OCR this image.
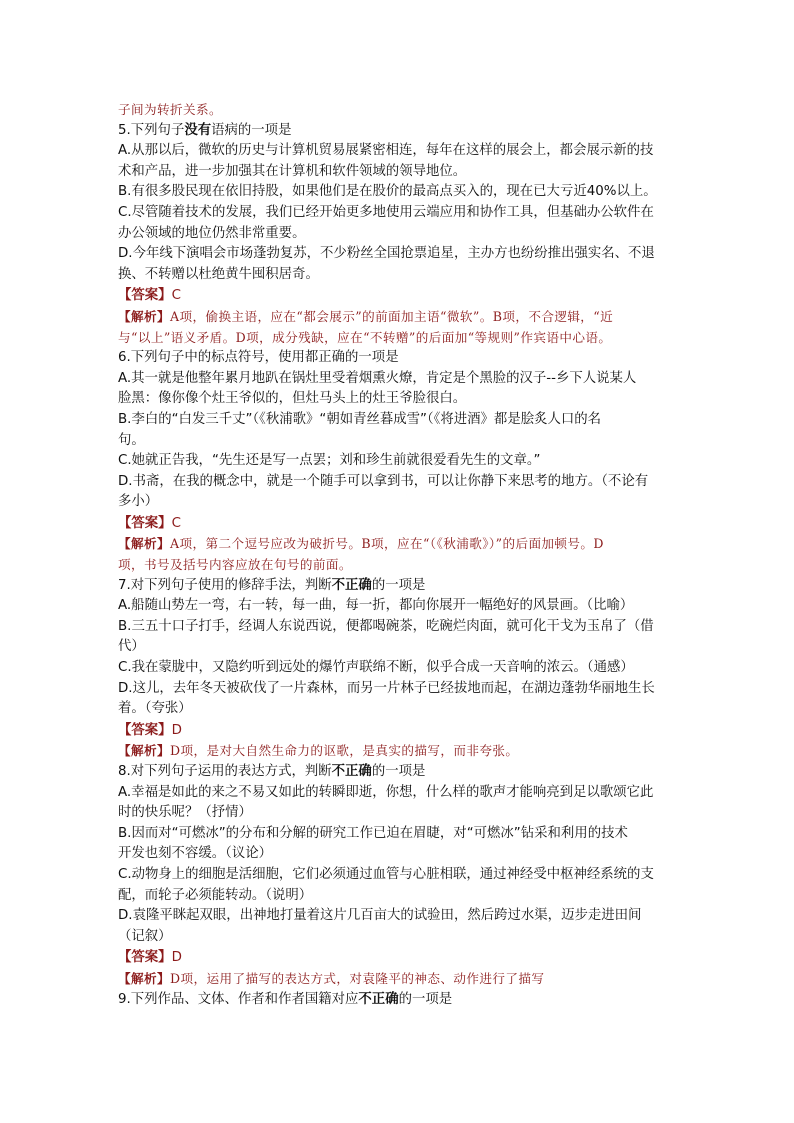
子间为转折关系。
5.下列句子没有语病的一项是
A.从那以后，微软的历史与计算机贸易展紧密相连，每年在这样的展会上，都会展示新的技
术和产品，进一步加强其在计算机和软件领域的领导地位。
B.有很多股民现在依旧持股，如果他们是在股价的最高点买入的，现在已大亏近40%以上。
C.尽管随着技术的发展，我们已经开始更多地使用云端应用和协作工具，但基础办公软件在
办公领域的地位仍然非常重要。
D.今年线下演唱会市场蓬勃复苏，不少粉丝全国抢票追星，主办方也纷纷推出强实名、不退
换、不转赠以杜绝黄牛囤积居奇。
【答案】C
【解析】A项，偷换主语，应在“都会展示”的前面加主语“微软”。B项，不合逻辑，“近
与“以上”语义矛盾。D项，成分残缺，应在“不转赠”的后面加“等规则”作宾语中心语。
6.下列句子中的标点符号，使用都正确的一项是
A.其一就是他整年累月地趴在锅灶里受着烟熏火燎，肯定是个黑脸的汉子--乡下人说某人
脸黑：像你像个灶王爷似的，但灶马头上的灶王爷脸很白。
B.李白的“白发三千丈”（《秋浦歌》“朝如青丝暮成雪”（《将进酒》都是脍炙人口的名
句。
C.她就正告我，“先生还是写一点罢；刘和珍生前就很爱看先生的文章。”
D.书斋，在我的概念中，就是一个随手可以拿到书，可以让你静下来思考的地方。（不论有
多小）
【答案】C
【解析】A项，第二个逗号应改为破折号。B项，应在“（《秋浦歌》）”的后面加顿号。D
项，书号及括号内容应放在句号的前面。
7.对下列句子使用的修辞手法，判断不正确的一项是
A.船随山势左一弯，右一转，每一曲，每一折，都向你展开一幅绝好的风景画。（比喻）
B.三五十口子打手，经调人东说西说，便都喝碗茶，吃碗烂肉面，就可化干戈为玉帛了（借
代）
C.我在蒙胧中，又隐约听到远处的爆竹声联绵不断，似乎合成一天音响的浓云。（通感）
D.这儿，去年冬天被砍伐了一片森林，而另一片林子已经拔地而起，在湖边蓬勃华丽地生长
着。（夸张）
【答案】D
【解析】D项，是对大自然生命力的讴歌，是真实的描写，而非夸张。
8.对下列句子运用的表达方式，判断不正确的一项是
A.幸福是如此的来之不易又如此的转瞬即逝，你想，什么样的歌声才能响亮到足以歌颂它此
时的快乐呢？（抒情）
B.因而对“可燃冰”的分布和分解的研究工作已迫在眉睫，对“可燃冰”钻采和利用的技术
开发也刻不容缓。（议论）
C.动物身上的细胞是活细胞，它们必须通过血管与心脏相联，通过神经受中枢神经系统的支
配，而轮子必须能转动。（说明）
D.袁隆平眯起双眼，出神地打量着这片几百亩大的试验田，然后跨过水渠，迈步走进田间
（记叙）
【答案】D
【解析】D项，运用了描写的表达方式，对袁隆平的神态、动作进行了描写
9.下列作品、文体、作者和作者国籍对应不正确的一项是
